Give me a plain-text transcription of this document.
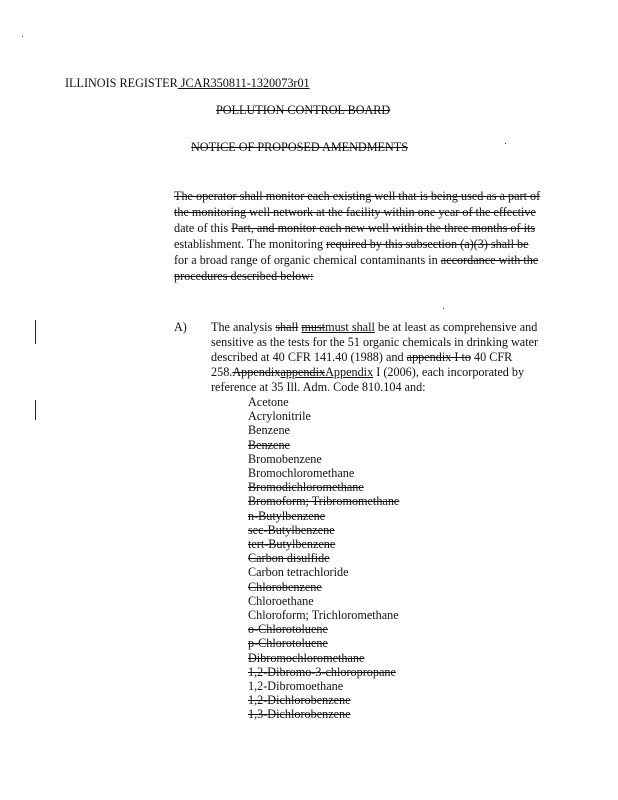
ILLINOIS REGISTER JCAR350811-1320073r01
POLLUTION CONTROL BOARD
NOTICE OF PROPOSED AMENDMENTS
The operator shall monitor each existing well that is being used as a part of
the monitoring well network at the facility within one year of the effective
date of this Part, and monitor each new well within the three months of its
establishment. The monitoring required by this subsection (a)(3) shall be
for a broad range of organic chemical contaminants in accordance with the
procedures described below:
A) The analysis shall mustmust shall be at least as comprehensive and
sensitive as the tests for the 51 organic chemicals in drinking water
described at 40 CFR 141.40 (1988) and appendix I to 40 CFR
258.AppendixappendixAppendix I (2006), each incorporated by
reference at 35 Ill. Adm. Code 810.104 and:
Acetone
Acrylonitrile
Benzene
Benzene
Bromobenzene
Bromochloromethane
Bromodichloromethane
Bromoform; Tribromomethane
n-Butylbenzene
sec-Butylbenzene
tert-Butylbenzene
Carbon disulfide
Carbon tetrachloride
Chlorobenzene
Chloroethane
Chloroform; Trichloromethane
o-Chlorotoluene
p-Chlorotoluene
Dibromochloromethane
1,2-Dibromo-3-chloropropane
1,2-Dibromoethane
1,2-Dichlorobenzene
1,3-Dichlorobenzene
